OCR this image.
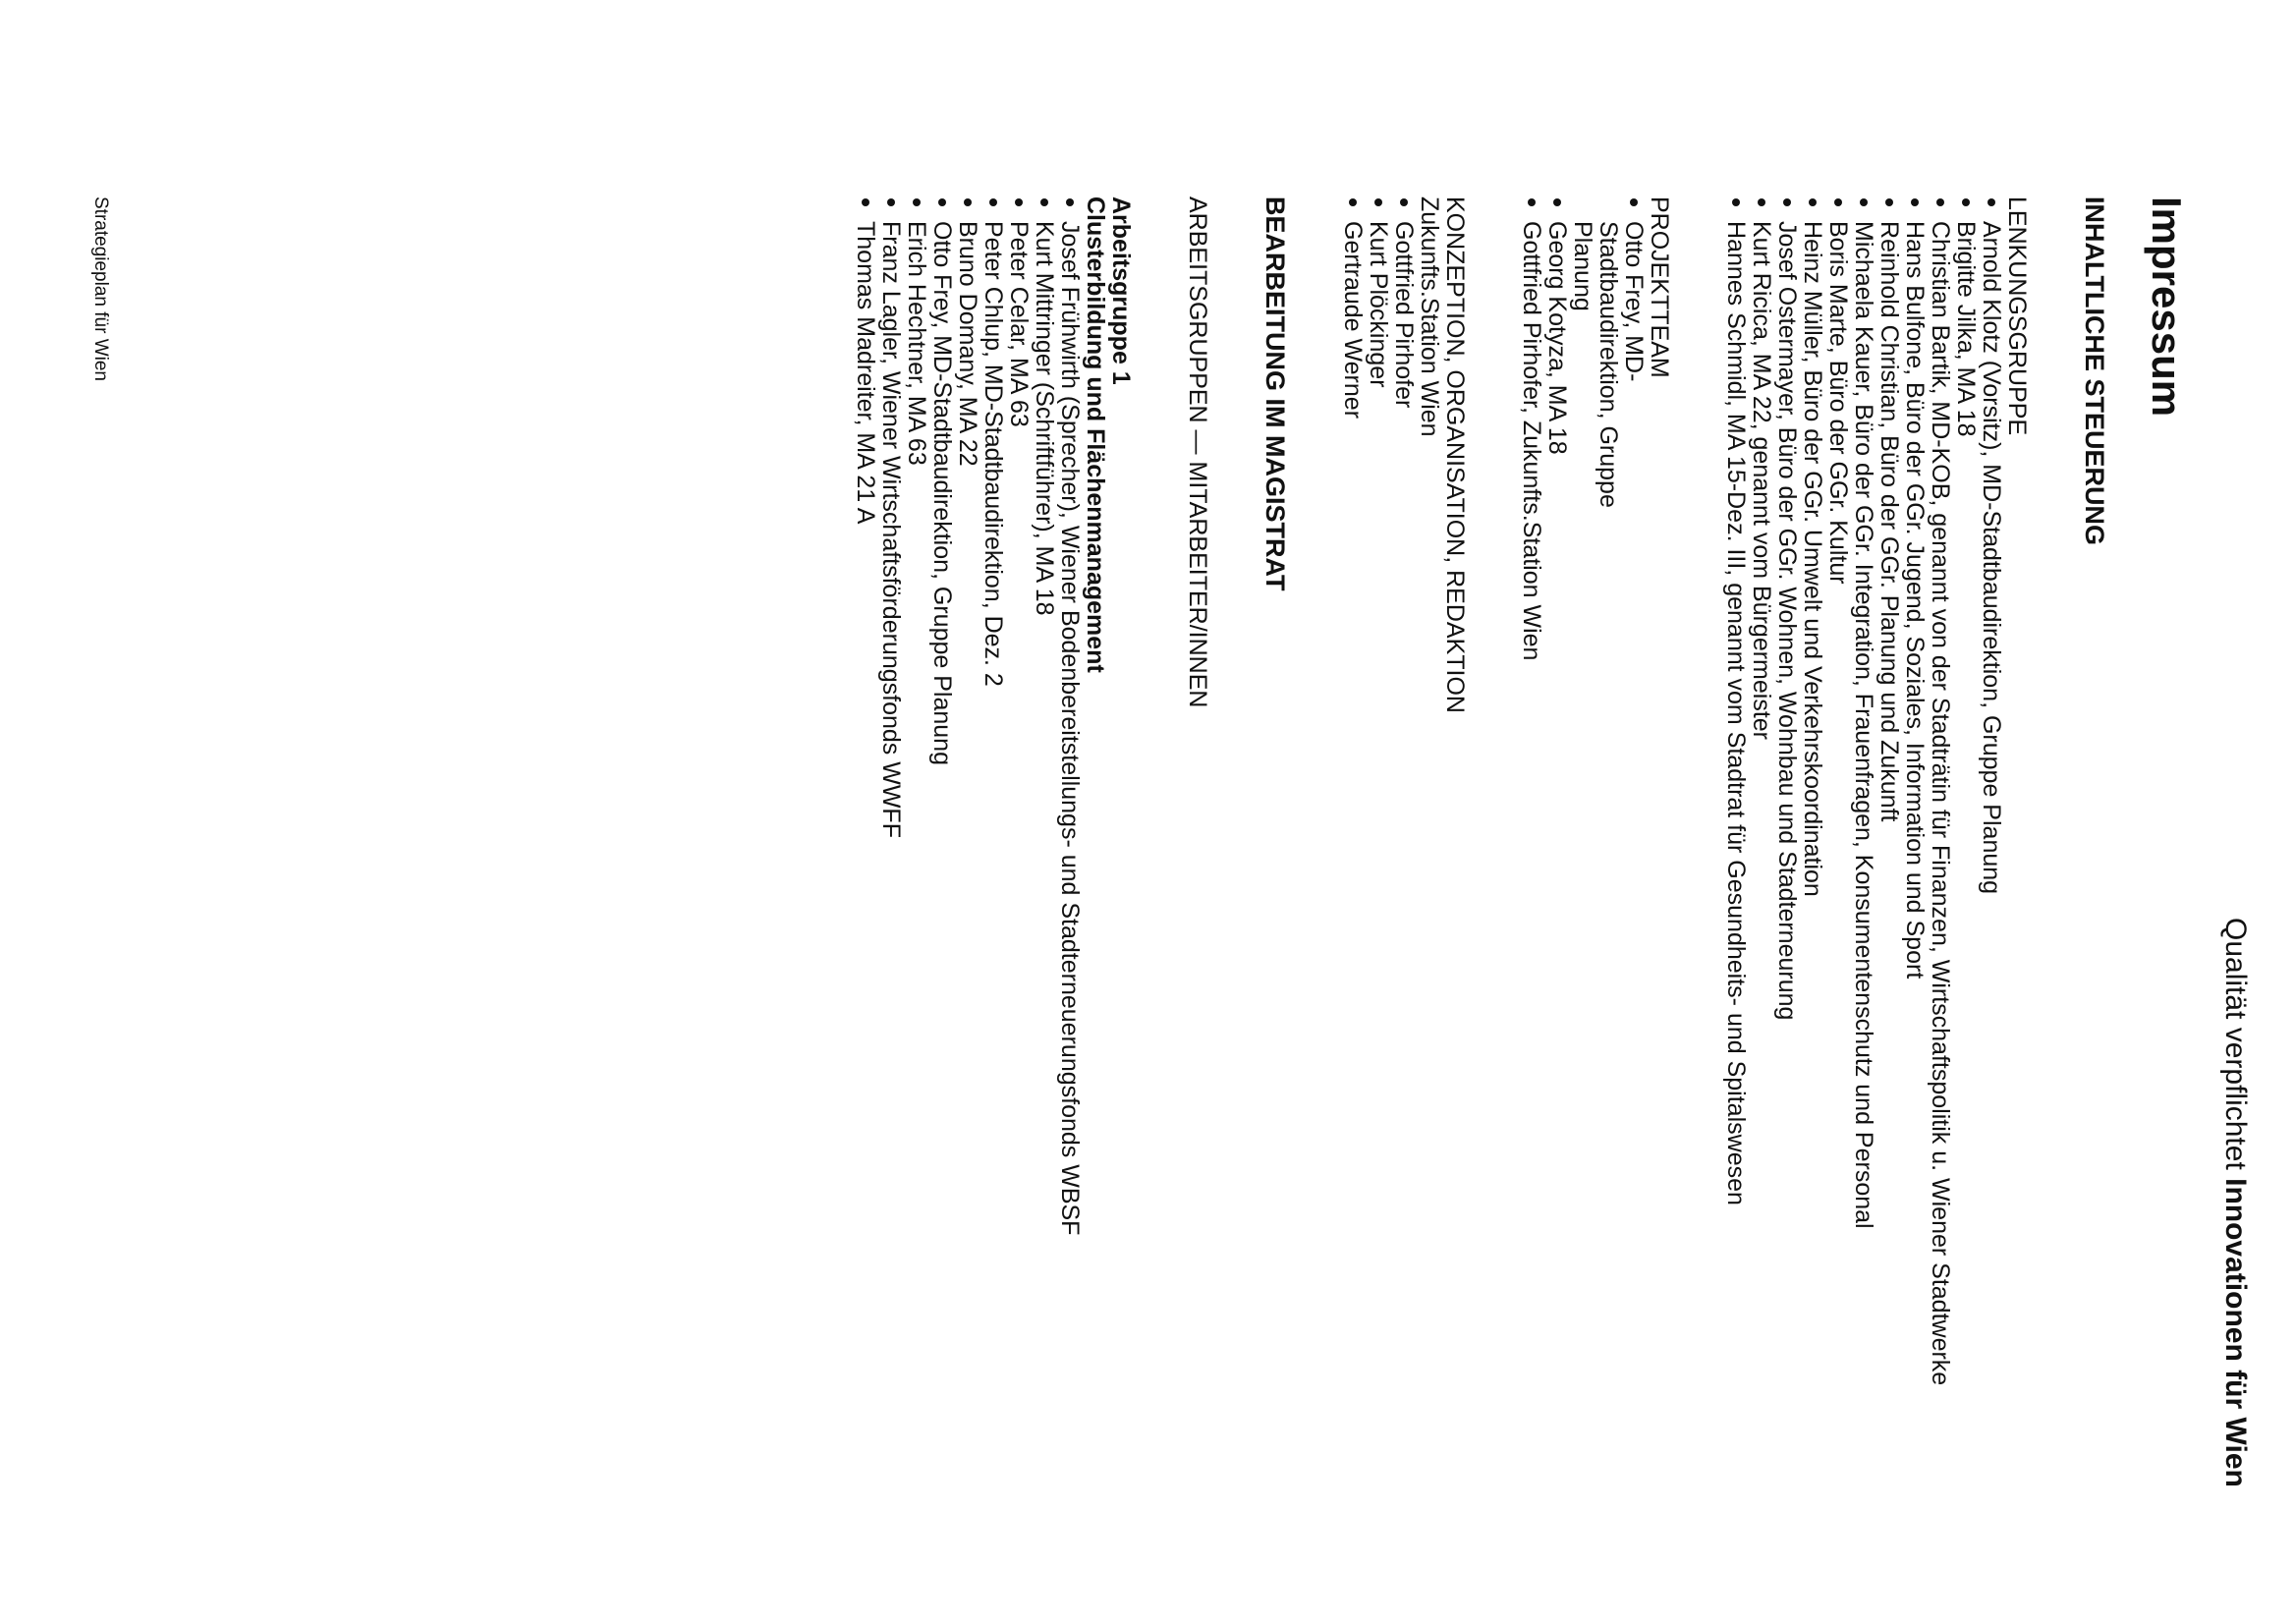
Qualität verpflichtet Innovationen für Wien
Impressum
INHALTLICHE STEUERUNG
LENKUNGSGRUPPE
Arnold Klotz (Vorsitz), MD-Stadtbaudirektion, Gruppe Planung
Brigitte Jilka, MA 18
Christian Bartik, MD-KOB, genannt von der Stadträtin für Finanzen, Wirtschaftspolitik u. Wiener Stadtwerke
Hans Bulfone, Büro der GGr. Jugend, Soziales, Information und Sport
Reinhold Christian, Büro der GGr. Planung und Zukunft
Michaela Kauer, Büro der GGr. Integration, Frauenfragen, Konsumentenschutz und Personal
Boris Marte, Büro der GGr. Kultur
Heinz Müller, Büro der GGr. Umwelt und Verkehrskoordination
Josef Ostermayer, Büro der GGr. Wohnen, Wohnbau und Stadterneurung
Kurt Ricica, MA 22, genannt vom Bürgermeister
Hannes Schmidl, MA 15-Dez. III, genannt vom Stadtrat für Gesundheits- und Spitalswesen
PROJEKTTEAM
Otto Frey, MD-Stadtbaudirektion, Gruppe Planung
Georg Kotyza, MA 18
Gottfried Pirhofer, Zukunfts.Station Wien
KONZEPTION, ORGANISATION, REDAKTION
Zukunfts.Station Wien
Gottfried Pirhofer
Kurt Plöckinger
Gertraude Werner
BEARBEITUNG IM MAGISTRAT
ARBEITSGRUPPEN — MITARBEITER/INNEN
Arbeitsgruppe 1
Clusterbildung und Flächenmanagement
Josef Frühwirth (Sprecher), Wiener Bodenbereitstellungs- und Stadterneuerungsfonds WBSF
Kurt Mittringer (Schriftführer), MA 18
Peter Celar, MA 63
Peter Chlup, MD-Stadtbaudirektion, Dez. 2
Bruno Domany, MA 22
Otto Frey, MD-Stadtbaudirektion, Gruppe Planung
Erich Hechtner, MA 63
Franz Lagler, Wiener Wirtschaftsförderungsfonds WWFF
Thomas Madreiter, MA 21 A
Strategieplan für Wien
